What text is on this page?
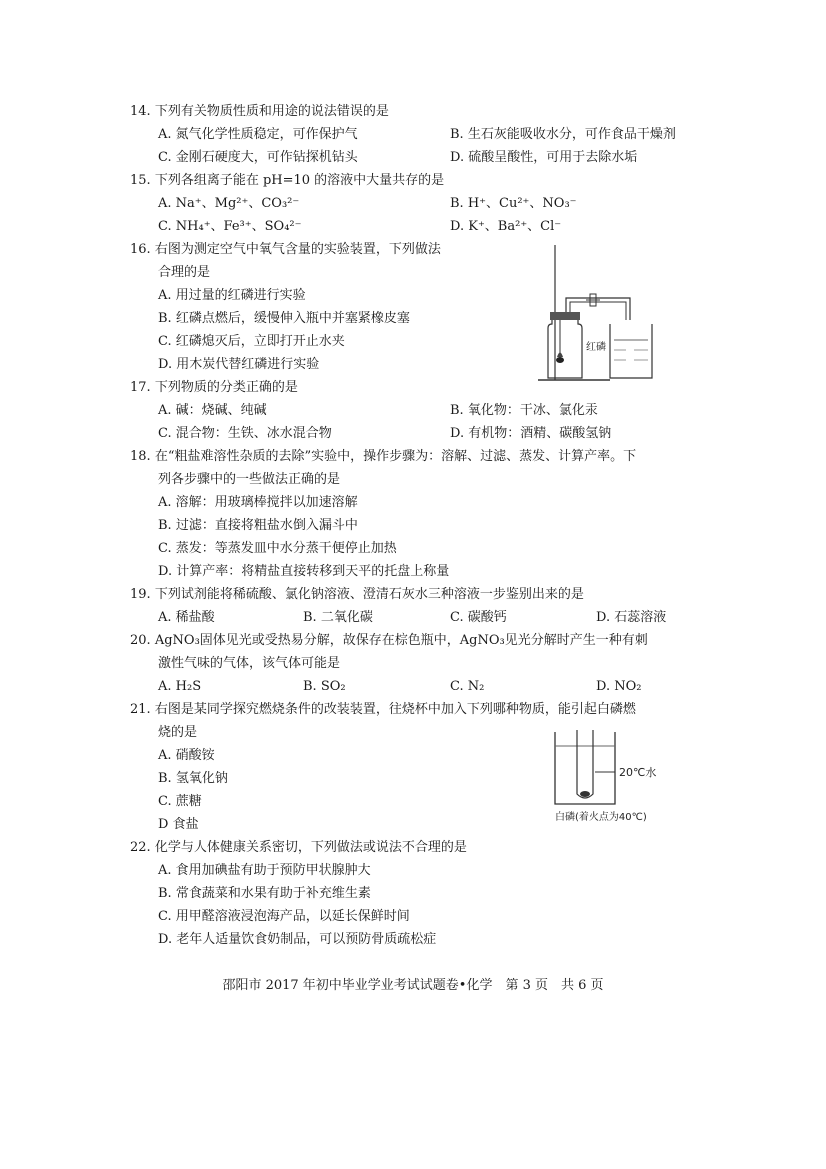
14. 下列有关物质性质和用途的说法错误的是
A. 氮气化学性质稳定，可作保护气	B. 生石灰能吸收水分，可作食品干燥剂
C. 金刚石硬度大，可作钻探机钻头	D. 硫酸呈酸性，可用于去除水垢
15. 下列各组离子能在 pH=10 的溶液中大量共存的是
A. Na⁺、Mg²⁺、CO₃²⁻	B. H⁺、Cu²⁺、NO₃⁻
C. NH₄⁺、Fe³⁺、SO₄²⁻	D. K⁺、Ba²⁺、Cl⁻
16. 右图为测定空气中氧气含量的实验装置，下列做法
合理的是
A. 用过量的红磷进行实验
B. 红磷点燃后，缓慢伸入瓶中并塞紧橡皮塞
C. 红磷熄灭后，立即打开止水夹
D. 用木炭代替红磷进行实验
红磷
17. 下列物质的分类正确的是
A. 碱：烧碱、纯碱	B. 氧化物：干冰、氯化汞
C. 混合物：生铁、冰水混合物	D. 有机物：酒精、碳酸氢钠
18. 在“粗盐难溶性杂质的去除”实验中，操作步骤为：溶解、过滤、蒸发、计算产率。下
列各步骤中的一些做法正确的是
A. 溶解：用玻璃棒搅拌以加速溶解
B. 过滤：直接将粗盐水倒入漏斗中
C. 蒸发：等蒸发皿中水分蒸干便停止加热
D. 计算产率：将精盐直接转移到天平的托盘上称量
19. 下列试剂能将稀硫酸、氯化钠溶液、澄清石灰水三种溶液一步鉴别出来的是
A. 稀盐酸	B. 二氧化碳	C. 碳酸钙	D. 石蕊溶液
20. AgNO₃固体见光或受热易分解，故保存在棕色瓶中，AgNO₃见光分解时产生一种有刺
激性气味的气体，该气体可能是
A. H₂S	B. SO₂	C. N₂	D. NO₂
21. 右图是某同学探究燃烧条件的改装装置，往烧杯中加入下列哪种物质，能引起白磷燃
烧的是
A. 硝酸铵
B. 氢氧化钠
C. 蔗糖
D 食盐
20℃水
白磷(着火点为40℃)
22. 化学与人体健康关系密切，下列做法或说法不合理的是
A. 食用加碘盐有助于预防甲状腺肿大
B. 常食蔬菜和水果有助于补充维生素
C. 用甲醛溶液浸泡海产品，以延长保鲜时间
D. 老年人适量饮食奶制品，可以预防骨质疏松症
邵阳市 2017 年初中毕业学业考试试题卷•化学　第 3 页　共 6 页
